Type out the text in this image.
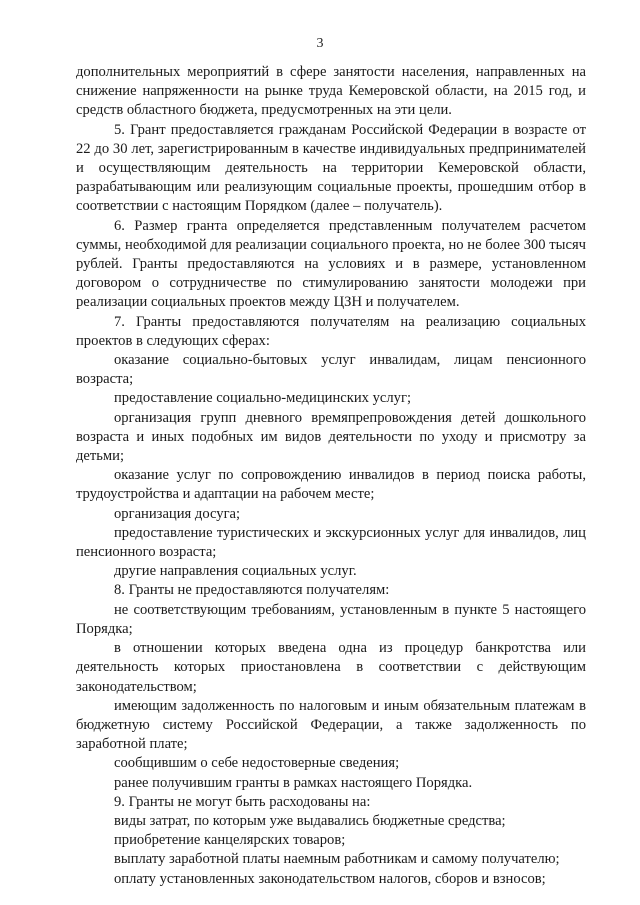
3

дополнительных мероприятий в сфере занятости населения, направленных на снижение напряженности на рынке труда Кемеровской области, на 2015 год, и средств областного бюджета, предусмотренных на эти цели.

5. Грант предоставляется гражданам Российской Федерации в возрасте от 22 до 30 лет, зарегистрированным в качестве индивидуальных предпринимателей и осуществляющим деятельность на территории Кемеровской области, разрабатывающим или реализующим социальные проекты, прошедшим отбор в соответствии с настоящим Порядком (далее – получатель).

6. Размер гранта определяется представленным получателем расчетом суммы, необходимой для реализации социального проекта, но не более 300 тысяч рублей. Гранты предоставляются на условиях и в размере, установленном договором о сотрудничестве по стимулированию занятости молодежи при реализации социальных проектов между ЦЗН и получателем.

7. Гранты предоставляются получателям на реализацию социальных проектов в следующих сферах:

оказание социально-бытовых услуг инвалидам, лицам пенсионного возраста;

предоставление социально-медицинских услуг;

организация групп дневного времяпрепровождения детей дошкольного возраста и иных подобных им видов деятельности по уходу и присмотру за детьми;

оказание услуг по сопровождению инвалидов в период поиска работы, трудоустройства и адаптации на рабочем месте;

организация досуга;

предоставление туристических и экскурсионных услуг для инвалидов, лиц пенсионного возраста;

другие направления социальных услуг.

8. Гранты не предоставляются получателям:

не соответствующим требованиям, установленным в пункте 5 настоящего Порядка;

в отношении которых введена одна из процедур банкротства или деятельность которых приостановлена в соответствии с действующим законодательством;

имеющим задолженность по налоговым и иным обязательным платежам в бюджетную систему Российской Федерации, а также задолженность по заработной плате;

сообщившим о себе недостоверные сведения;

ранее получившим гранты в рамках настоящего Порядка.

9. Гранты не могут быть расходованы на:

виды затрат, по которым уже выдавались бюджетные средства;

приобретение канцелярских товаров;

выплату заработной платы наемным работникам и самому получателю;

оплату установленных законодательством налогов, сборов и взносов;
